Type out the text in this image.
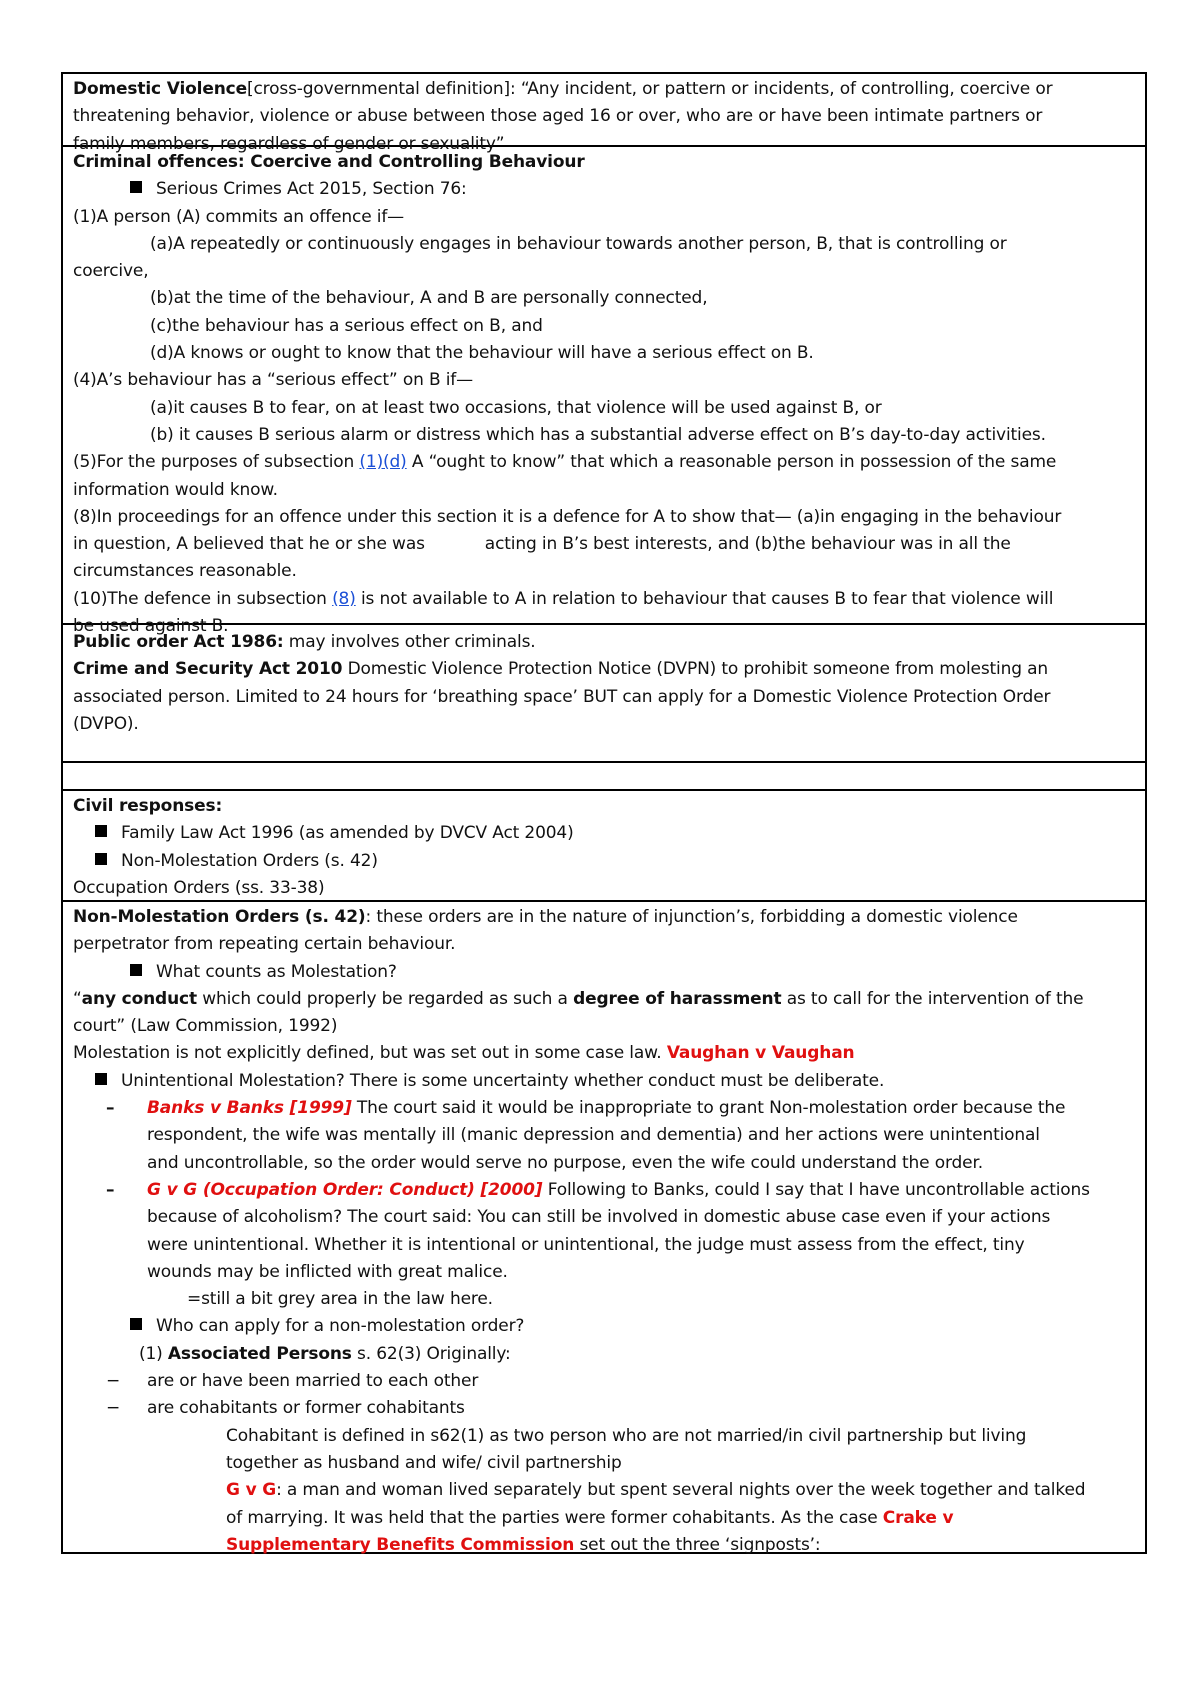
Domestic Violence[cross-governmental definition]: “Any incident, or pattern or incidents, of controlling, coercive or
threatening behavior, violence or abuse between those aged 16 or over, who are or have been intimate partners or
family members, regardless of gender or sexuality”
Criminal offences: Coercive and Controlling Behaviour
Serious Crimes Act 2015, Section 76:
(1)A person (A) commits an offence if—
(a)A repeatedly or continuously engages in behaviour towards another person, B, that is controlling or
coercive,
(b)at the time of the behaviour, A and B are personally connected,
(c)the behaviour has a serious effect on B, and
(d)A knows or ought to know that the behaviour will have a serious effect on B.
(4)A’s behaviour has a “serious effect” on B if—
(a)it causes B to fear, on at least two occasions, that violence will be used against B, or
(b) it causes B serious alarm or distress which has a substantial adverse effect on B’s day-to-day activities.
(5)For the purposes of subsection (1)(d) A “ought to know” that which a reasonable person in possession of the same
information would know.
(8)In proceedings for an offence under this section it is a defence for A to show that— (a)in engaging in the behaviour
in question, A believed that he or she was	acting in B’s best interests, and (b)the behaviour was in all the
circumstances reasonable.
(10)The defence in subsection (8) is not available to A in relation to behaviour that causes B to fear that violence will
be used against B.
Public order Act 1986: may involves other criminals.
Crime and Security Act 2010 Domestic Violence Protection Notice (DVPN) to prohibit someone from molesting an
associated person. Limited to 24 hours for ‘breathing space’ BUT can apply for a Domestic Violence Protection Order
(DVPO).
Civil responses:
Family Law Act 1996 (as amended by DVCV Act 2004)
Non-Molestation Orders (s. 42)
Occupation Orders (ss. 33-38)
Non-Molestation Orders (s. 42): these orders are in the nature of injunction’s, forbidding a domestic violence
perpetrator from repeating certain behaviour.
What counts as Molestation?
“any conduct which could properly be regarded as such a degree of harassment as to call for the intervention of the
court” (Law Commission, 1992)
Molestation is not explicitly defined, but was set out in some case law. Vaughan v Vaughan
Unintentional Molestation? There is some uncertainty whether conduct must be deliberate.
– Banks v Banks [1999] The court said it would be inappropriate to grant Non-molestation order because the
respondent, the wife was mentally ill (manic depression and dementia) and her actions were unintentional
and uncontrollable, so the order would serve no purpose, even the wife could understand the order.
– G v G (Occupation Order: Conduct) [2000] Following to Banks, could I say that I have uncontrollable actions
because of alcoholism? The court said: You can still be involved in domestic abuse case even if your actions
were unintentional. Whether it is intentional or unintentional, the judge must assess from the effect, tiny
wounds may be inflicted with great malice.
=still a bit grey area in the law here.
Who can apply for a non-molestation order?
(1) Associated Persons s. 62(3) Originally:
− are or have been married to each other
− are cohabitants or former cohabitants
Cohabitant is defined in s62(1) as two person who are not married/in civil partnership but living
together as husband and wife/ civil partnership
G v G: a man and woman lived separately but spent several nights over the week together and talked
of marrying. It was held that the parties were former cohabitants. As the case Crake v
Supplementary Benefits Commission set out the three ‘signposts’:
